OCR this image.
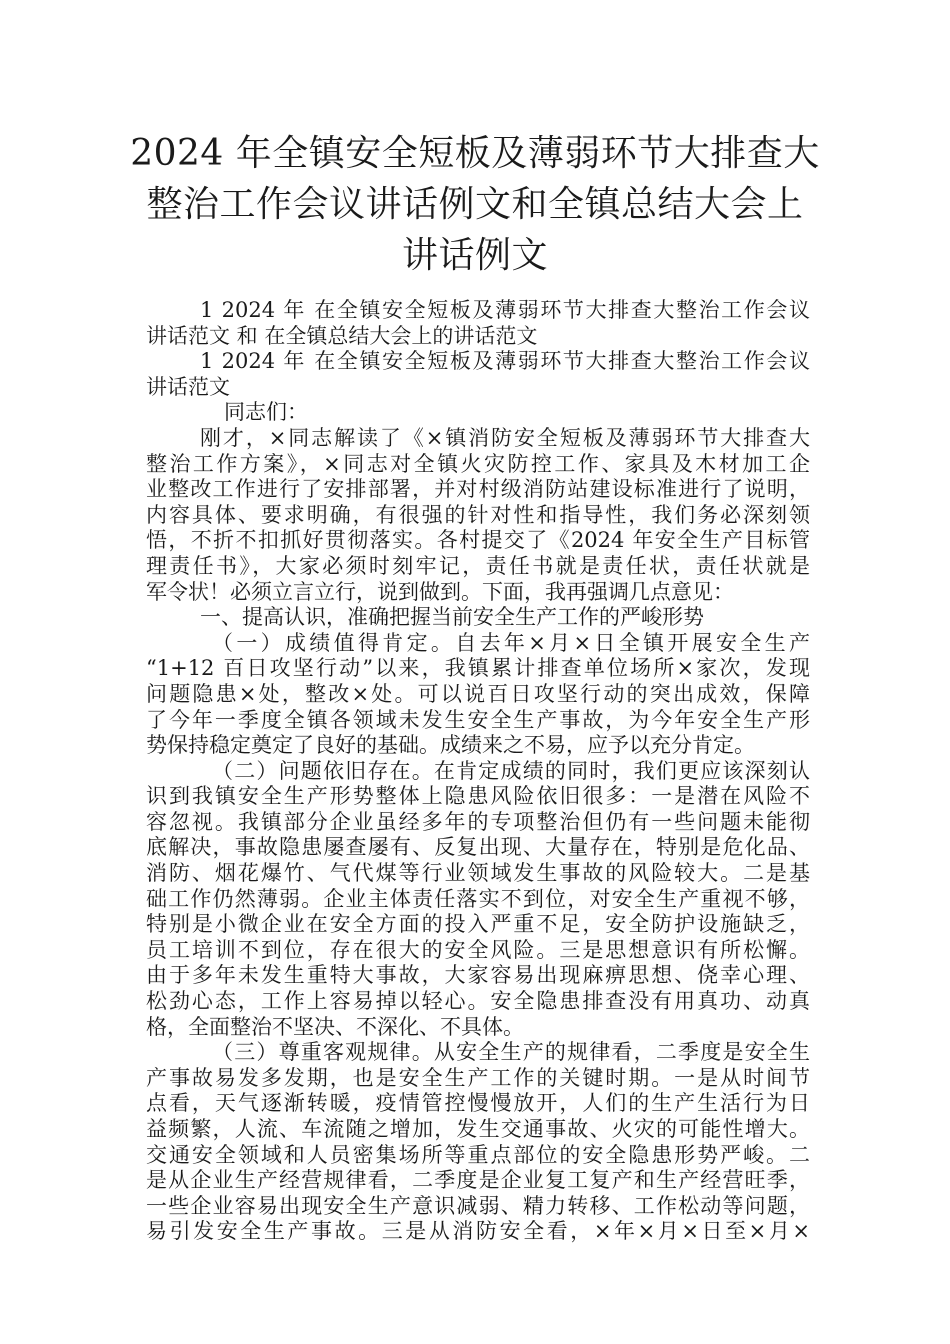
2024 年全镇安全短板及薄弱环节大排查大
整治工作会议讲话例文和全镇总结大会上
讲话例文
1 2024 年 在全镇安全短板及薄弱环节大排查大整治工作会议
讲话范文 和 在全镇总结大会上的讲话范文
1 2024 年 在全镇安全短板及薄弱环节大排查大整治工作会议
讲话范文
同志们：
刚才，×同志解读了《×镇消防安全短板及薄弱环节大排查大
整治工作方案》，×同志对全镇火灾防控工作、家具及木材加工企
业整改工作进行了安排部署，并对村级消防站建设标准进行了说明，
内容具体、要求明确，有很强的针对性和指导性，我们务必深刻领
悟，不折不扣抓好贯彻落实。各村提交了《2024 年安全生产目标管
理责任书》，大家必须时刻牢记，责任书就是责任状，责任状就是
军令状！必须立言立行，说到做到。下面，我再强调几点意见：
一、提高认识，准确把握当前安全生产工作的严峻形势
（一）成绩值得肯定。自去年×月×日全镇开展安全生产
“1+12 百日攻坚行动”以来，我镇累计排查单位场所×家次，发现
问题隐患×处，整改×处。可以说百日攻坚行动的突出成效，保障
了今年一季度全镇各领域未发生安全生产事故，为今年安全生产形
势保持稳定奠定了良好的基础。成绩来之不易，应予以充分肯定。
（二）问题依旧存在。在肯定成绩的同时，我们更应该深刻认
识到我镇安全生产形势整体上隐患风险依旧很多：一是潜在风险不
容忽视。我镇部分企业虽经多年的专项整治但仍有一些问题未能彻
底解决，事故隐患屡查屡有、反复出现、大量存在，特别是危化品、
消防、烟花爆竹、气代煤等行业领域发生事故的风险较大。二是基
础工作仍然薄弱。企业主体责任落实不到位，对安全生产重视不够，
特别是小微企业在安全方面的投入严重不足，安全防护设施缺乏，
员工培训不到位，存在很大的安全风险。三是思想意识有所松懈。
由于多年未发生重特大事故，大家容易出现麻痹思想、侥幸心理、
松劲心态，工作上容易掉以轻心。安全隐患排查没有用真功、动真
格，全面整治不坚决、不深化、不具体。
（三）尊重客观规律。从安全生产的规律看，二季度是安全生
产事故易发多发期，也是安全生产工作的关键时期。一是从时间节
点看，天气逐渐转暖，疫情管控慢慢放开，人们的生产生活行为日
益频繁，人流、车流随之增加，发生交通事故、火灾的可能性增大。
交通安全领域和人员密集场所等重点部位的安全隐患形势严峻。二
是从企业生产经营规律看，二季度是企业复工复产和生产经营旺季，
一些企业容易出现安全生产意识减弱、精力转移、工作松动等问题，
易引发安全生产事故。三是从消防安全看，×年×月×日至×月×
